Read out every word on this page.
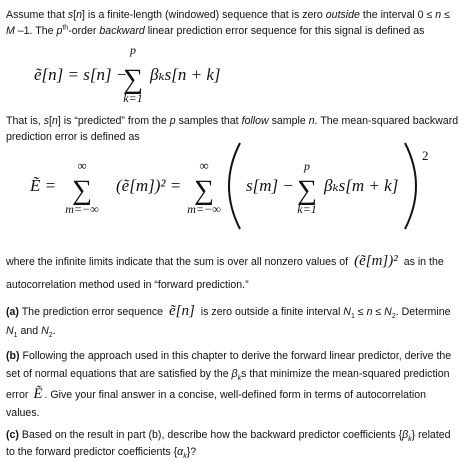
Assume that s[n] is a finite-length (windowed) sequence that is zero outside the interval 0 ≤ n ≤
M –1. The $p^{th}$-order backward linear prediction error sequence for this signal is defined as
ẽ[n] = s[n] −
p
∑
k=1
βₖs[n + k]
Ẽ =
∞
∑
m=−∞
(ẽ[m])² =
∞
∑
m=−∞
s[m] −
p
∑
k=1
βₖs[m + k]
2
That is, s[n] is “predicted” from the p samples that follow sample n. The mean-squared backward
prediction error is defined as
where the infinite limits indicate that the sum is over all nonzero values of (ẽ[m])² as in the
autocorrelation method used in “forward prediction.”
(a) The prediction error sequence ẽ[n] is zero outside a finite interval $N_1 \le n \le N_2$. Determine
$N_1$ and $N_2$.
(b) Following the approach used in this chapter to derive the forward linear predictor, derive the
set of normal equations that are satisfied by the $\beta_ks$ that minimize the mean-squared prediction
error Ẽ . Give your final answer in a concise, well-defined form in terms of autocorrelation
values.
(c) Based on the result in part (b), describe how the backward predictor coefficients $\{\beta_k\}$ related
to the forward predictor coefficients $\{\alpha_k\}$?
